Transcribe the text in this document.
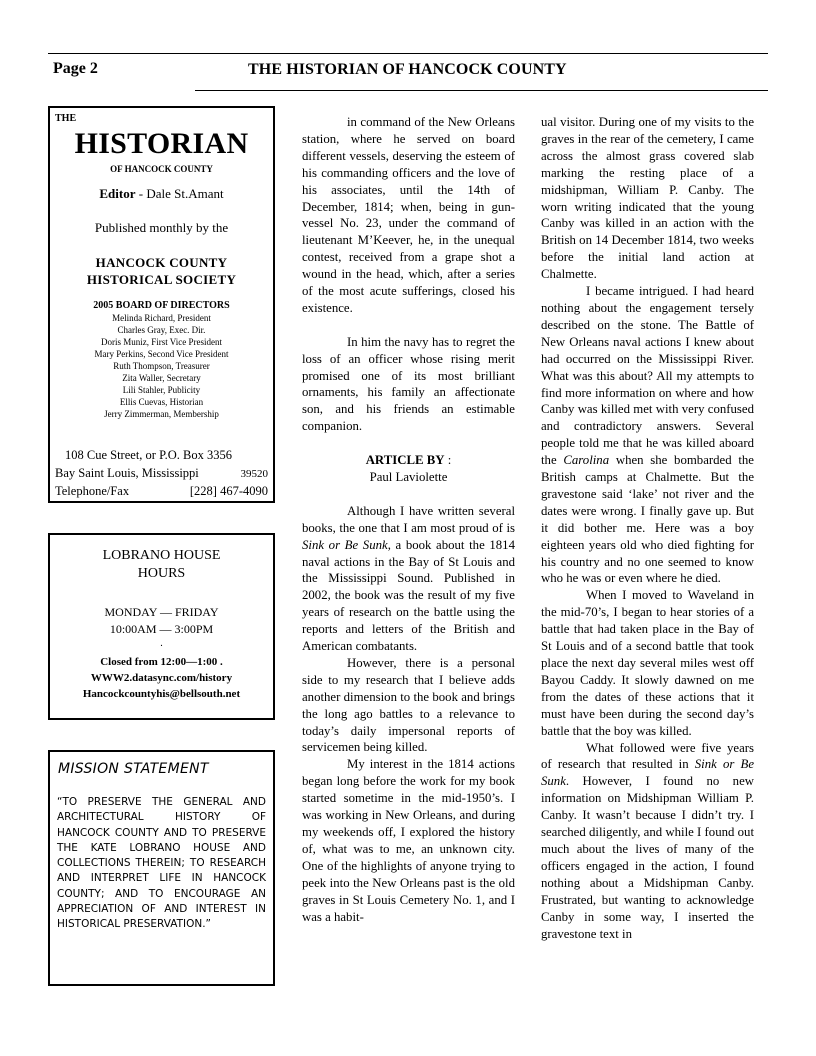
Page 2	THE HISTORIAN OF HANCOCK COUNTY
THE
HISTORIAN
OF HANCOCK COUNTY
Editor - Dale St.Amant
Published monthly by the
HANCOCK COUNTY
HISTORICAL SOCIETY
2005 BOARD OF DIRECTORS
Melinda Richard, President
Charles Gray, Exec. Dir.
Doris Muniz, First Vice President
Mary Perkins, Second Vice President
Ruth Thompson, Treasurer
Zita Waller, Secretary
Lili Stahler, Publicity
Ellis Cuevas, Historian
Jerry Zimmerman, Membership
108 Cue Street, or P.O. Box 3356
Bay Saint Louis, Mississippi	39520
Telephone/Fax	[228] 467-4090
LOBRANO HOUSE
HOURS
MONDAY — FRIDAY
10:00AM — 3:00PM
.
Closed from 12:00—1:00 .
WWW2.datasync.com/history
Hancockcountyhis@bellsouth.net
MISSION STATEMENT
“TO PRESERVE THE GENERAL AND ARCHITECTURAL HISTORY OF HANCOCK COUNTY AND TO PRESERVE THE KATE LOBRANO HOUSE AND COLLECTIONS THEREIN; TO RESEARCH AND INTERPRET LIFE IN HANCOCK COUNTY; AND TO ENCOURAGE AN APPRECIATION OF AND INTEREST IN HISTORICAL PRESERVATION.”

in command of the New Orleans station, where he served on board different vessels, deserving the esteem of his commanding officers and the love of his associates, until the 14th of December, 1814; when, being in gun-vessel No. 23, under the command of lieutenant M’Keever, he, in the unequal contest, received from a grape shot a wound in the head, which, after a series of the most acute sufferings, closed his existence.

In him the navy has to regret the loss of an officer whose rising merit promised one of its most brilliant ornaments, his family an affectionate son, and his friends an estimable companion.

ARTICLE BY :

Paul Laviolette

Although I have written several books, the one that I am most proud of is Sink or Be Sunk, a book about the 1814 naval actions in the Bay of St Louis and the Mississippi Sound. Published in 2002, the book was the result of my five years of research on the battle using the reports and letters of the British and American combatants.

However, there is a personal side to my research that I believe adds another dimension to the book and brings the long ago battles to a relevance to today’s daily impersonal reports of servicemen being killed.

My interest in the 1814 actions began long before the work for my book started sometime in the mid-1950’s. I was working in New Orleans, and during my weekends off, I explored the history of, what was to me, an unknown city. One of the highlights of anyone trying to peek into the New Orleans past is the old graves in St Louis Cemetery No. 1, and I was a habit-

ual visitor. During one of my visits to the graves in the rear of the cemetery, I came across the almost grass covered slab marking the resting place of a midshipman, William P. Canby. The worn writing indicated that the young Canby was killed in an action with the British on 14 December 1814, two weeks before the initial land action at Chalmette.

I became intrigued. I had heard nothing about the engagement tersely described on the stone. The Battle of New Orleans naval actions I knew about had occurred on the Mississippi River. What was this about? All my attempts to find more information on where and how Canby was killed met with very confused and contradictory answers. Several people told me that he was killed aboard the Carolina when she bombarded the British camps at Chalmette. But the gravestone said ‘lake’ not river and the dates were wrong. I finally gave up. But it did bother me. Here was a boy eighteen years old who died fighting for his country and no one seemed to know who he was or even where he died.

When I moved to Waveland in the mid-70’s, I began to hear stories of a battle that had taken place in the Bay of St Louis and of a second battle that took place the next day several miles west off Bayou Caddy. It slowly dawned on me from the dates of these actions that it must have been during the second day’s battle that the boy was killed.

What followed were five years of research that resulted in Sink or Be Sunk. However, I found no new information on Midshipman William P. Canby. It wasn’t because I didn’t try. I searched diligently, and while I found out much about the lives of many of the officers engaged in the action, I found nothing about a Midshipman Canby. Frustrated, but wanting to acknowledge Canby in some way, I inserted the gravestone text in
